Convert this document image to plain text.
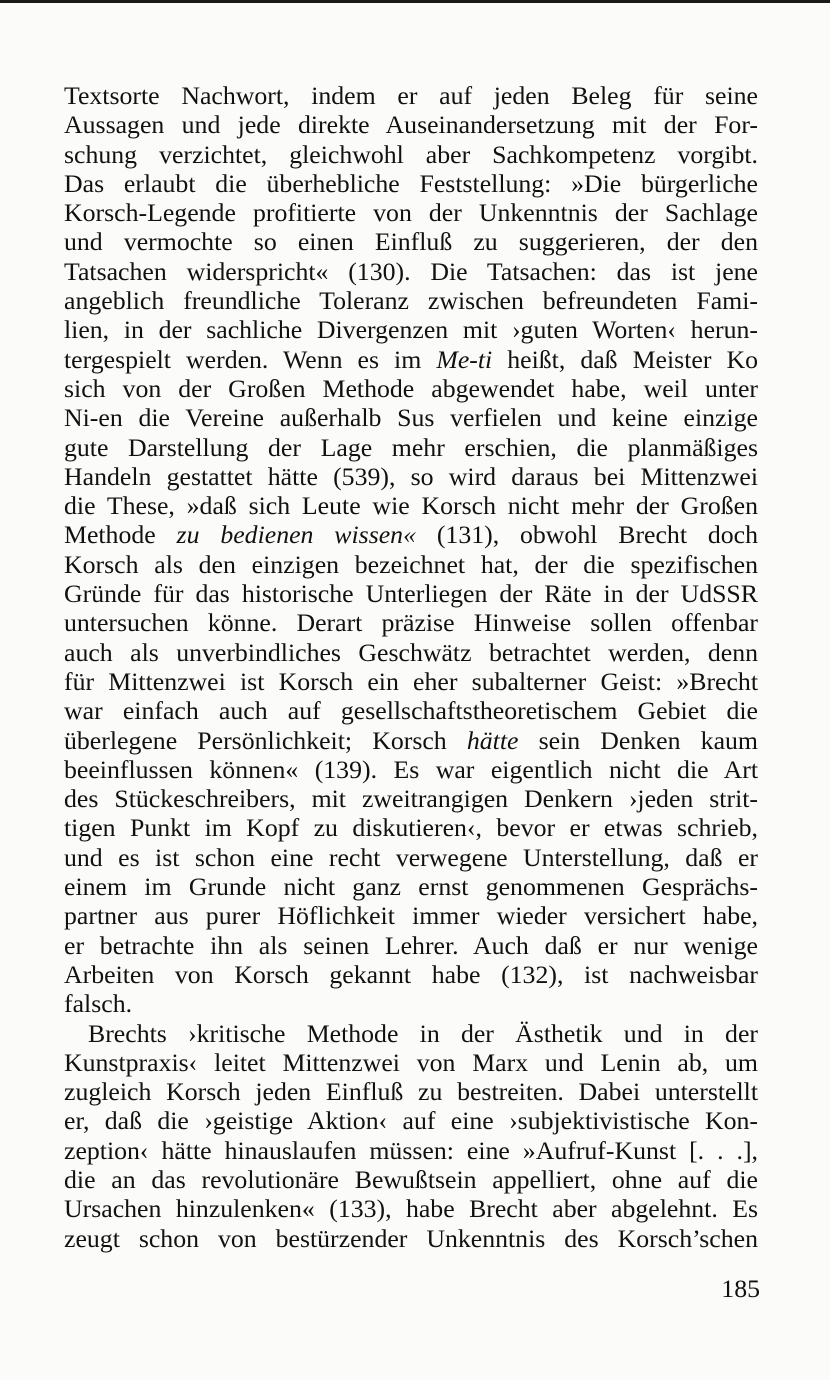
Textsorte Nachwort, indem er auf jeden Beleg für seine
Aussagen und jede direkte Auseinandersetzung mit der For-
schung verzichtet, gleichwohl aber Sachkompetenz vorgibt.
Das erlaubt die überhebliche Feststellung: »Die bürgerliche
Korsch-Legende profitierte von der Unkenntnis der Sachlage
und vermochte so einen Einfluß zu suggerieren, der den
Tatsachen widerspricht« (130). Die Tatsachen: das ist jene
angeblich freundliche Toleranz zwischen befreundeten Fami-
lien, in der sachliche Divergenzen mit ›guten Worten‹ herun-
tergespielt werden. Wenn es im Me-ti heißt, daß Meister Ko
sich von der Großen Methode abgewendet habe, weil unter
Ni-en die Vereine außerhalb Sus verfielen und keine einzige
gute Darstellung der Lage mehr erschien, die planmäßiges
Handeln gestattet hätte (539), so wird daraus bei Mittenzwei
die These, »daß sich Leute wie Korsch nicht mehr der Großen
Methode zu bedienen wissen« (131), obwohl Brecht doch
Korsch als den einzigen bezeichnet hat, der die spezifischen
Gründe für das historische Unterliegen der Räte in der UdSSR
untersuchen könne. Derart präzise Hinweise sollen offenbar
auch als unverbindliches Geschwätz betrachtet werden, denn
für Mittenzwei ist Korsch ein eher subalterner Geist: »Brecht
war einfach auch auf gesellschaftstheoretischem Gebiet die
überlegene Persönlichkeit; Korsch hätte sein Denken kaum
beeinflussen können« (139). Es war eigentlich nicht die Art
des Stückeschreibers, mit zweitrangigen Denkern ›jeden strit-
tigen Punkt im Kopf zu diskutieren‹, bevor er etwas schrieb,
und es ist schon eine recht verwegene Unterstellung, daß er
einem im Grunde nicht ganz ernst genommenen Gesprächs-
partner aus purer Höflichkeit immer wieder versichert habe,
er betrachte ihn als seinen Lehrer. Auch daß er nur wenige
Arbeiten von Korsch gekannt habe (132), ist nachweisbar
falsch.
Brechts ›kritische Methode in der Ästhetik und in der
Kunstpraxis‹ leitet Mittenzwei von Marx und Lenin ab, um
zugleich Korsch jeden Einfluß zu bestreiten. Dabei unterstellt
er, daß die ›geistige Aktion‹ auf eine ›subjektivistische Kon-
zeption‹ hätte hinauslaufen müssen: eine »Aufruf-Kunst [. . .],
die an das revolutionäre Bewußtsein appelliert, ohne auf die
Ursachen hinzulenken« (133), habe Brecht aber abgelehnt. Es
zeugt schon von bestürzender Unkenntnis des Korsch’schen
185
